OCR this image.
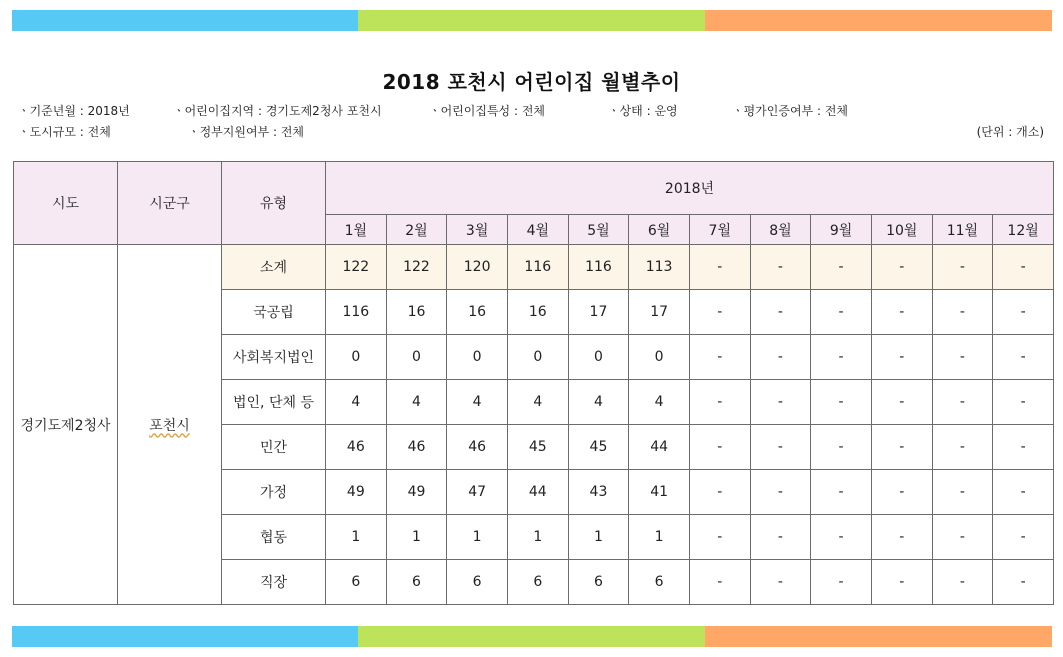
2018 포천시 어린이집 월별추이
ㆍ기준년월 : 2018년	ㆍ어린이집지역 : 경기도제2청사 포천시	ㆍ어린이집특성 : 전체	ㆍ상태 : 운영	ㆍ평가인증여부 : 전체
ㆍ도시규모 : 전체	ㆍ정부지원여부 : 전체	(단위 : 개소)
시도	시군구	유형	2018년											
			1월	2월	3월	4월	5월	6월	7월	8월	9월	10월	11월	12월
경기도제2청사	포천시	소계	122	122	120	116	116	113	-	-	-	-	-	-
		국공립	116	16	16	16	17	17	-	-	-	-	-	-
		사회복지법인	0	0	0	0	0	0	-	-	-	-	-	-
		법인, 단체 등	4	4	4	4	4	4	-	-	-	-	-	-
		민간	46	46	46	45	45	44	-	-	-	-	-	-
		가정	49	49	47	44	43	41	-	-	-	-	-	-
		협동	1	1	1	1	1	1	-	-	-	-	-	-
		직장	6	6	6	6	6	6	-	-	-	-	-	-
